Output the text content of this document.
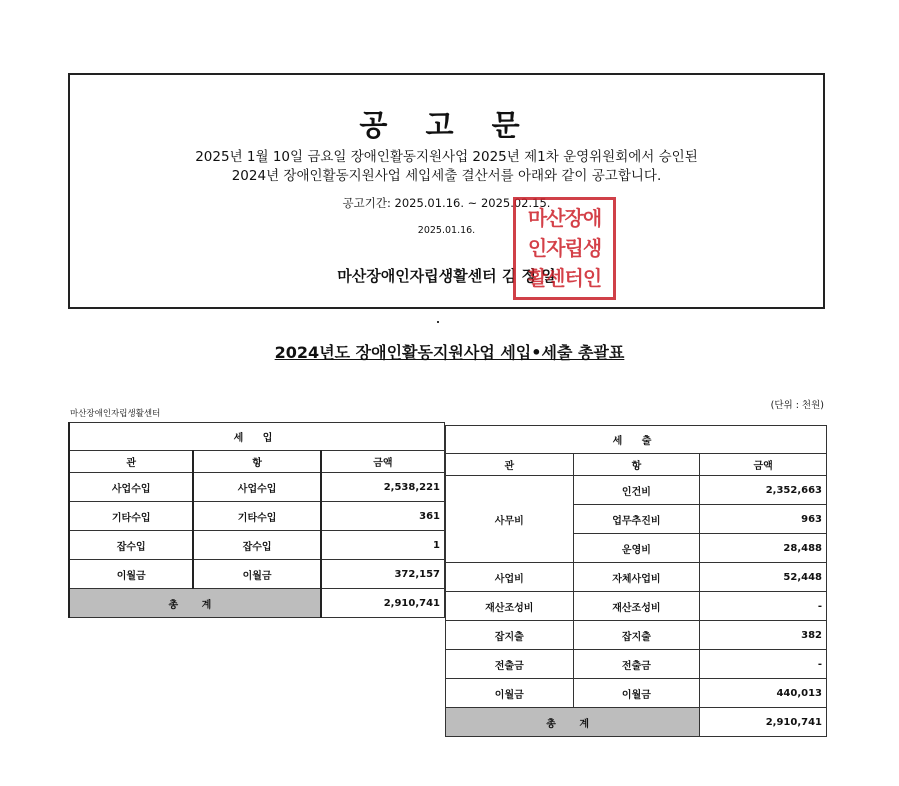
공 고 문
2025년 1월 10일 금요일 장애인활동지원사업 2025년 제1차 운영위원회에서 승인된
2024년 장애인활동지원사업 세입세출 결산서를 아래와 같이 공고합니다.
공고기간: 2025.01.16. ~ 2025.02.15.
2025.01.16.
마산장애인자립생활센터 김 정 일
마산장애
인자립생
활센터인
2024년도 장애인활동지원사업 세입•세출 총괄표
(단위 : 천원)
마산장애인자립생활센터
세 입		
관	항	금액
사업수입	사업수입	2,538,221
기타수입	기타수입	361
잡수입	잡수입	1
이월금	이월금	372,157
총 계		2,910,741
세 출		
관	항	금액
사무비	인건비	2,352,663
	업무추진비	963
	운영비	28,488
사업비	자체사업비	52,448
재산조성비	재산조성비	-
잡지출	잡지출	382
전출금	전출금	-
이월금	이월금	440,013
총 계		2,910,741
